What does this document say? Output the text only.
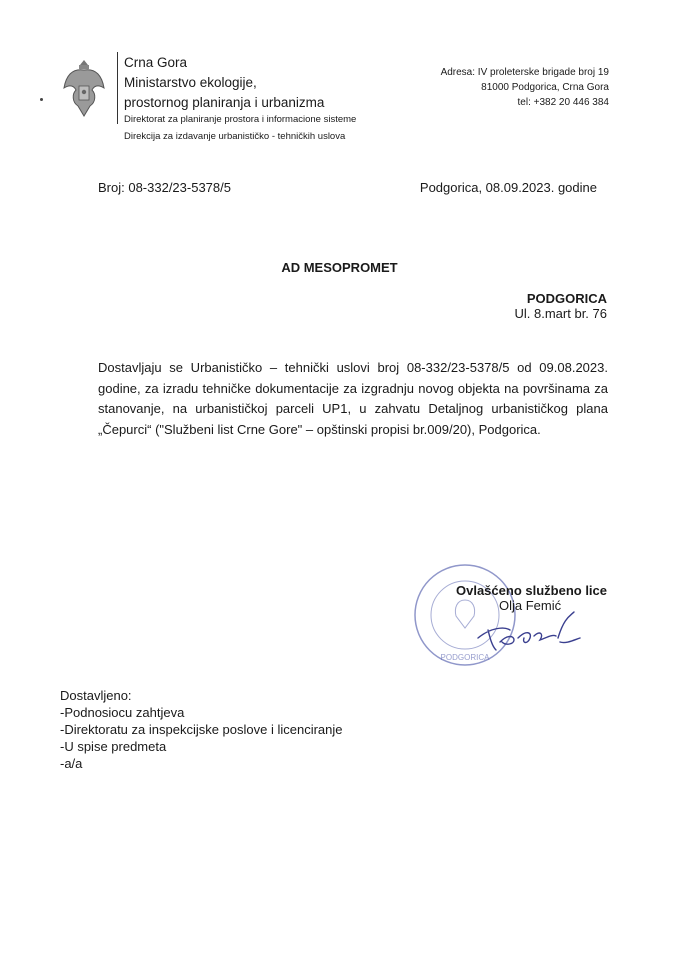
Crna Gora
Ministarstvo ekologije,
prostornog planiranja i urbanizma
Direktorat za planiranje prostora i informacione sisteme
Direkcija za izdavanje urbanističko - tehničkih uslova
Adresa: IV proleterske brigade broj 19
81000 Podgorica, Crna Gora
tel: +382 20 446 384
Broj: 08-332/23-5378/5	Podgorica, 08.09.2023. godine
AD MESOPROMET
PODGORICA
Ul. 8.mart br. 76
Dostavljaju se Urbanističko – tehnički uslovi broj 08-332/23-5378/5 od 09.08.2023. godine, za izradu tehničke dokumentacije za izgradnju novog objekta na površinama za stanovanje, na urbanističkoj parceli UP1, u zahvatu Detaljnog urbanističkog plana „Čepurci“ ("Službeni list Crne Gore" – opštinski propisi br.009/20), Podgorica.
PODGORICA
Ovlašćeno službeno lice
Olja Femić
Dostavljeno:
-Podnosiocu zahtjeva
-Direktoratu za inspekcijske poslove i licenciranje
-U spise predmeta
-a/a
